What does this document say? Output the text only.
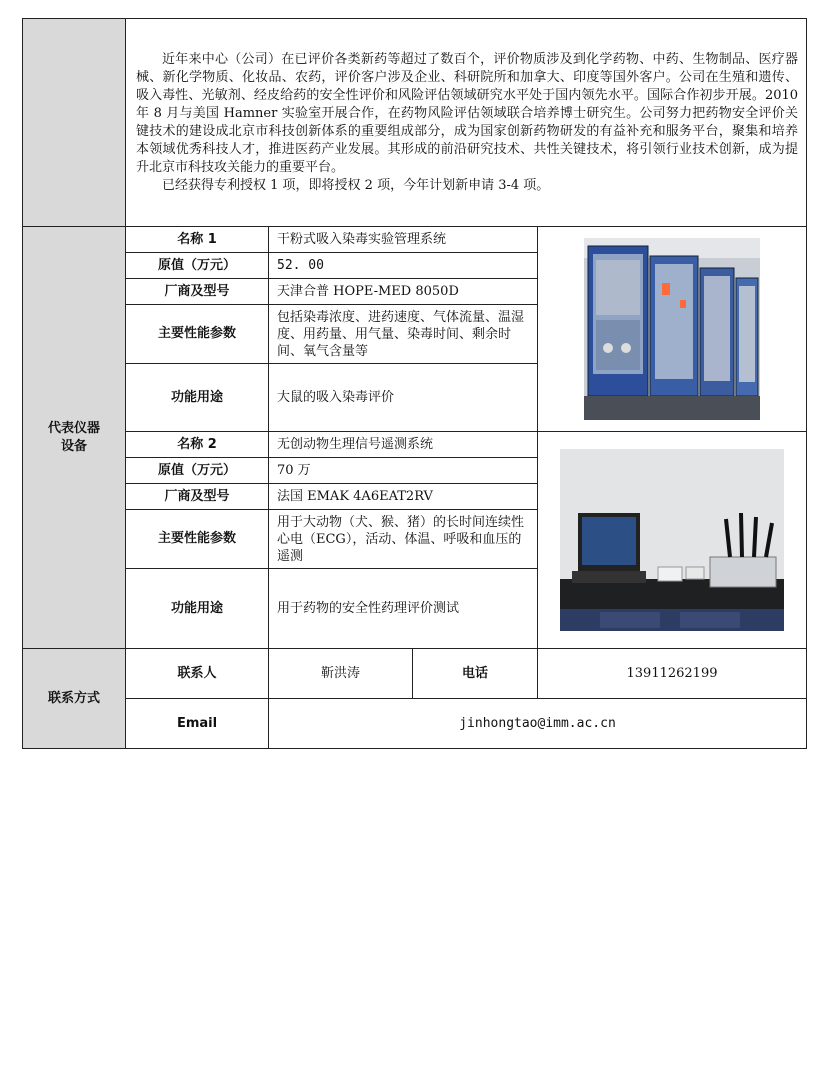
	近年来中心（公司）在已评价各类新药等超过了数百个，评价物质涉及到化学药物、中药、生物制品、医疗器械、新化学物质、化妆品、农药，评价客户涉及企业、科研院所和加拿大、印度等国外客户。公司在生殖和遗传、吸入毒性、光敏剂、经皮给药的安全性评价和风险评估领域研究水平处于国内领先水平。国际合作初步开展。2010 年 8 月与美国 Hamner 实验室开展合作，在药物风险评估领域联合培养博士研究生。公司努力把药物安全评价关键技术的建设成北京市科技创新体系的重要组成部分，成为国家创新药物研发的有益补充和服务平台，聚集和培养本领域优秀科技人才，推进医药产业发展。其形成的前沿研究技术、共性关键技术，将引领行业技术创新，成为提升北京市科技攻关能力的重要平台。

已经获得专利授权 1 项，即将授权 2 项，今年计划新申请 3-4 项。			

代表仪器
设备	名称 1	干粉式吸入染毒实验管理系统	

	原值（万元）	52. 00		
	厂商及型号	天津合普 HOPE-MED 8050D		
	主要性能参数	包括染毒浓度、进药速度、气体流量、温湿度、用药量、用气量、染毒时间、剩余时间、氧气含量等		
	功能用途	大鼠的吸入染毒评价		
	名称 2	无创动物生理信号遥测系统	

	原值（万元）	70 万		
	厂商及型号	法国 EMAK 4A6EAT2RV		
	主要性能参数	用于大动物（犬、猴、猪）的长时间连续性心电（ECG），活动、体温、呼吸和血压的遥测		
	功能用途	用于药物的安全性药理评价测试		
联系方式	联系人	靳洪涛	电话	13911262199
	Email	jinhongtao@imm.ac.cn		
